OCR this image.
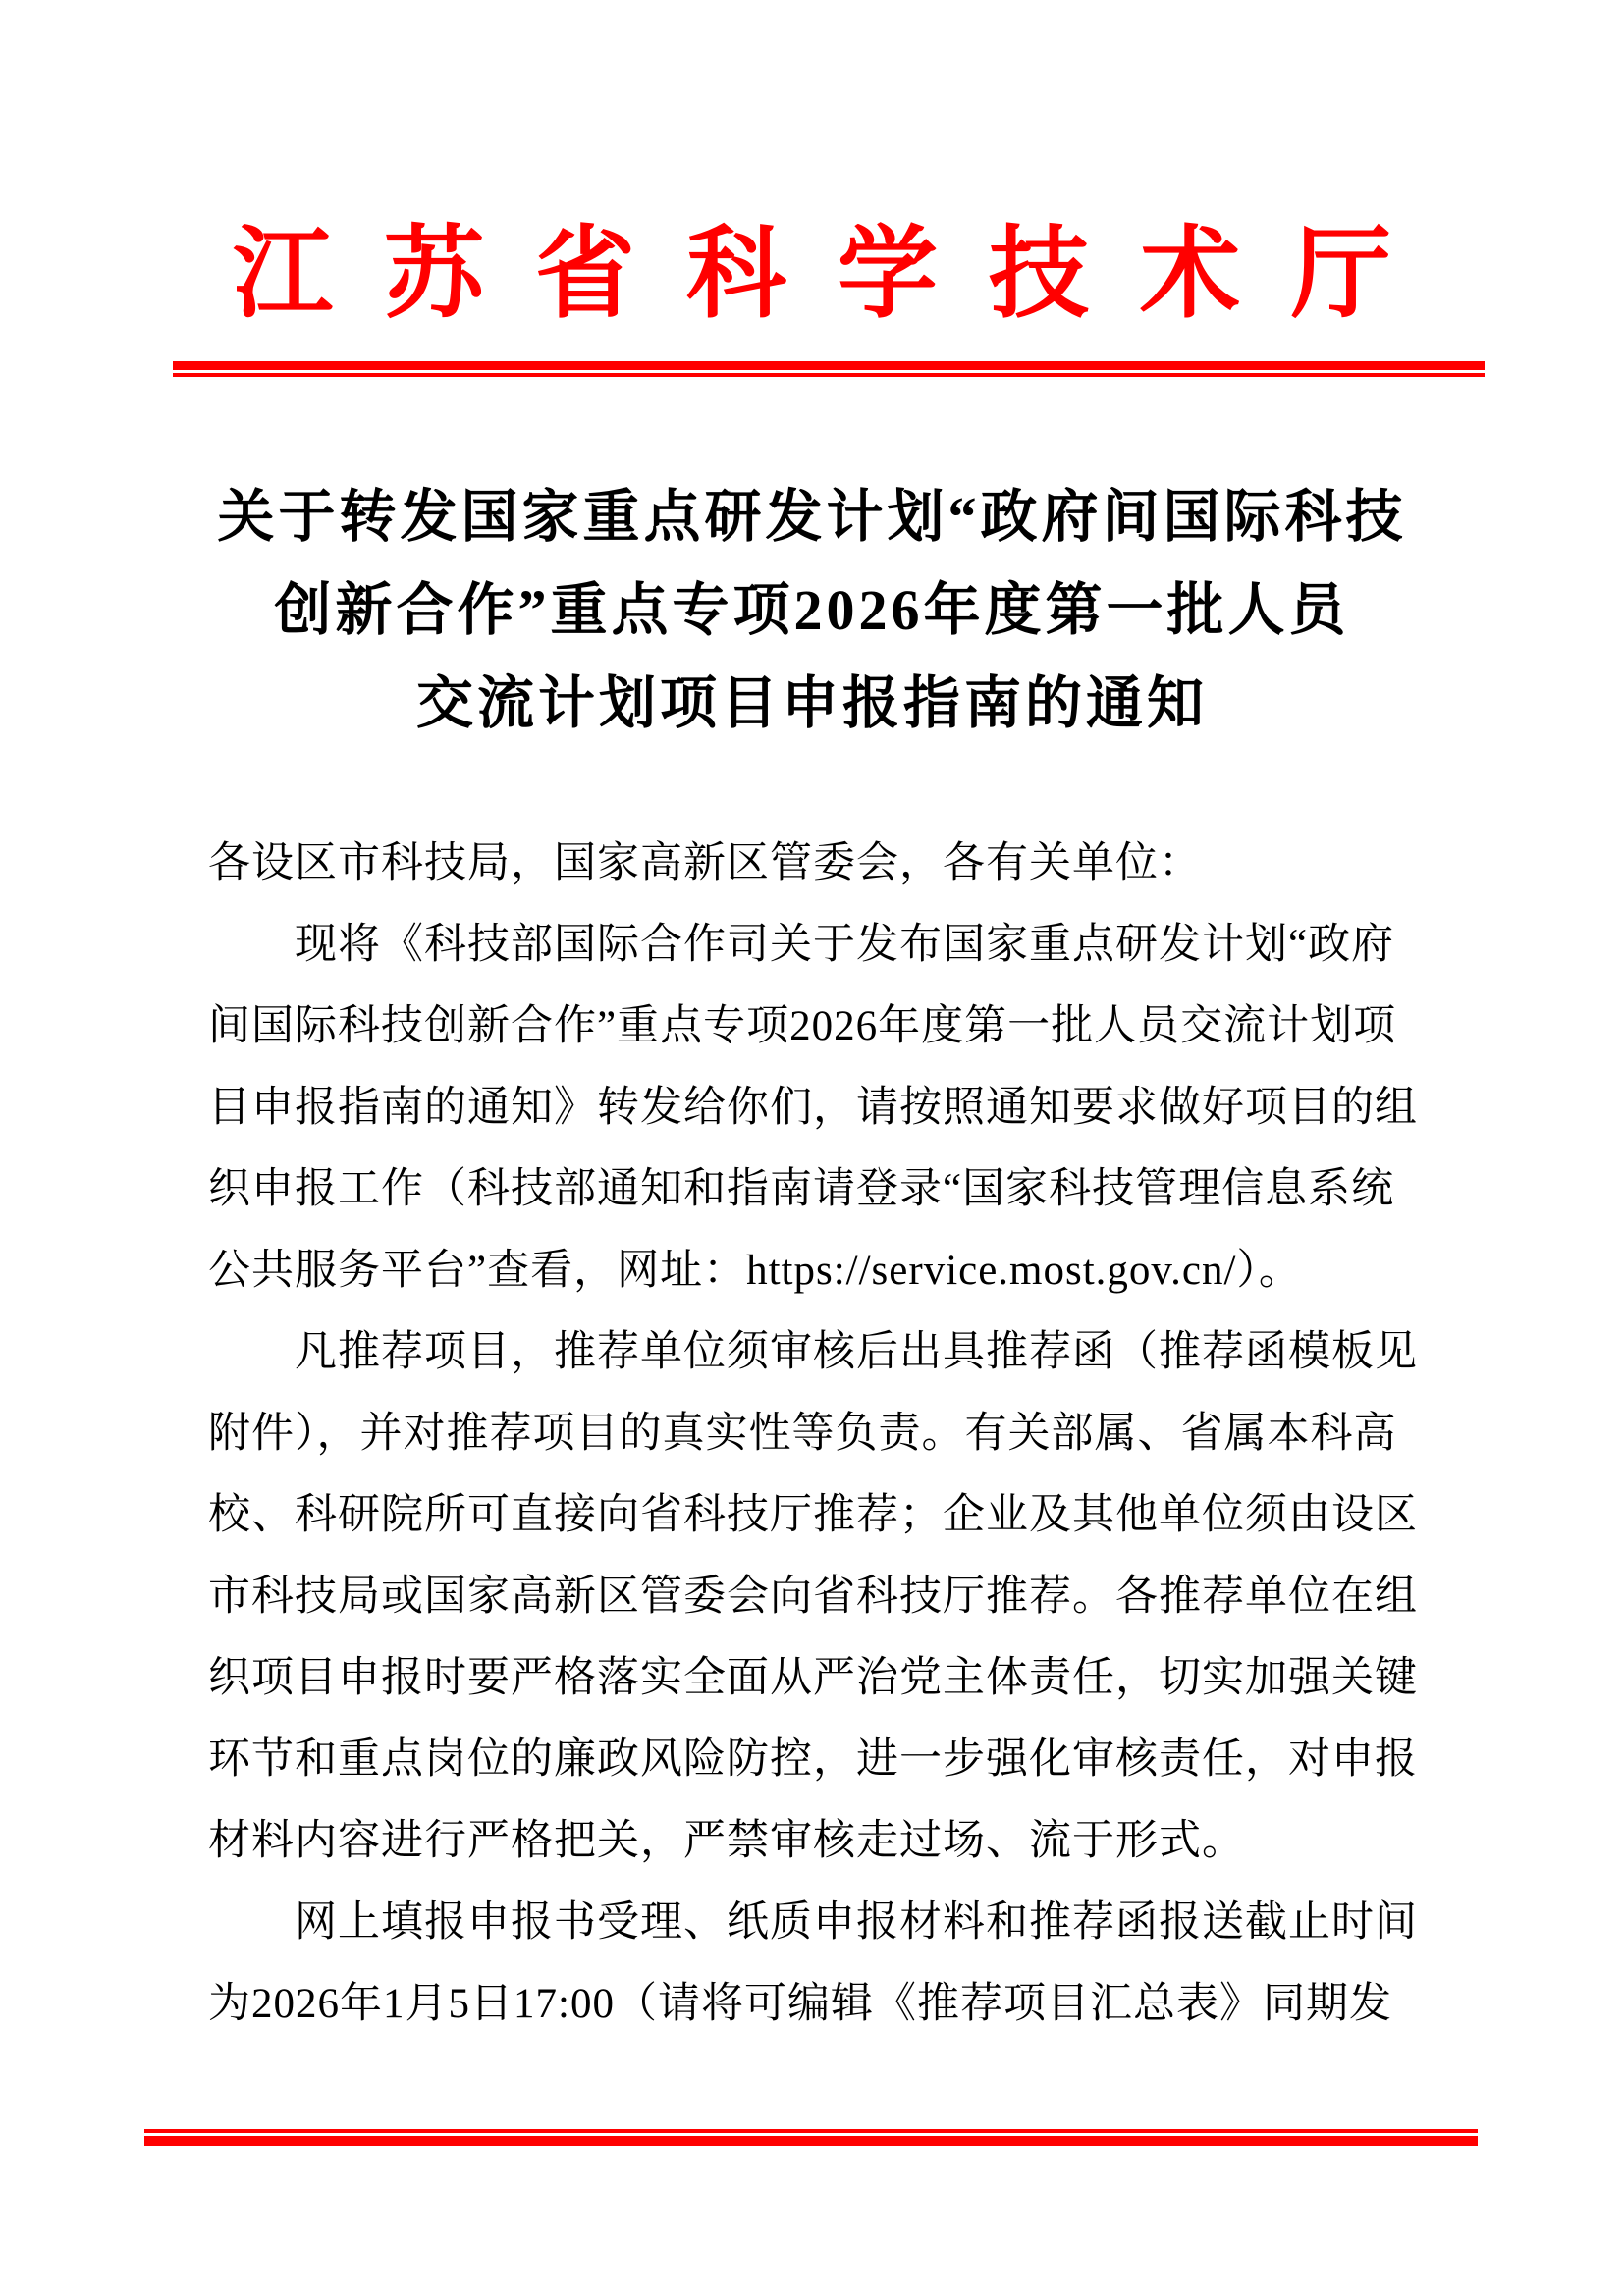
江苏省科学技术厅
关于转发国家重点研发计划“政府间国际科技
创新合作”重点专项2026年度第一批人员
交流计划项目申报指南的通知
各设区市科技局，国家高新区管委会，各有关单位：
现将《科技部国际合作司关于发布国家重点研发计划“政府
间国际科技创新合作”重点专项2026年度第一批人员交流计划项
目申报指南的通知》转发给你们，请按照通知要求做好项目的组
织申报工作（科技部通知和指南请登录“国家科技管理信息系统
公共服务平台”查看，网址：https://service.most.gov.cn/）。
凡推荐项目，推荐单位须审核后出具推荐函（推荐函模板见
附件），并对推荐项目的真实性等负责。有关部属、省属本科高
校、科研院所可直接向省科技厅推荐；企业及其他单位须由设区
市科技局或国家高新区管委会向省科技厅推荐。各推荐单位在组
织项目申报时要严格落实全面从严治党主体责任，切实加强关键
环节和重点岗位的廉政风险防控，进一步强化审核责任，对申报
材料内容进行严格把关，严禁审核走过场、流于形式。
网上填报申报书受理、纸质申报材料和推荐函报送截止时间
为2026年1月5日17:00（请将可编辑《推荐项目汇总表》同期发
